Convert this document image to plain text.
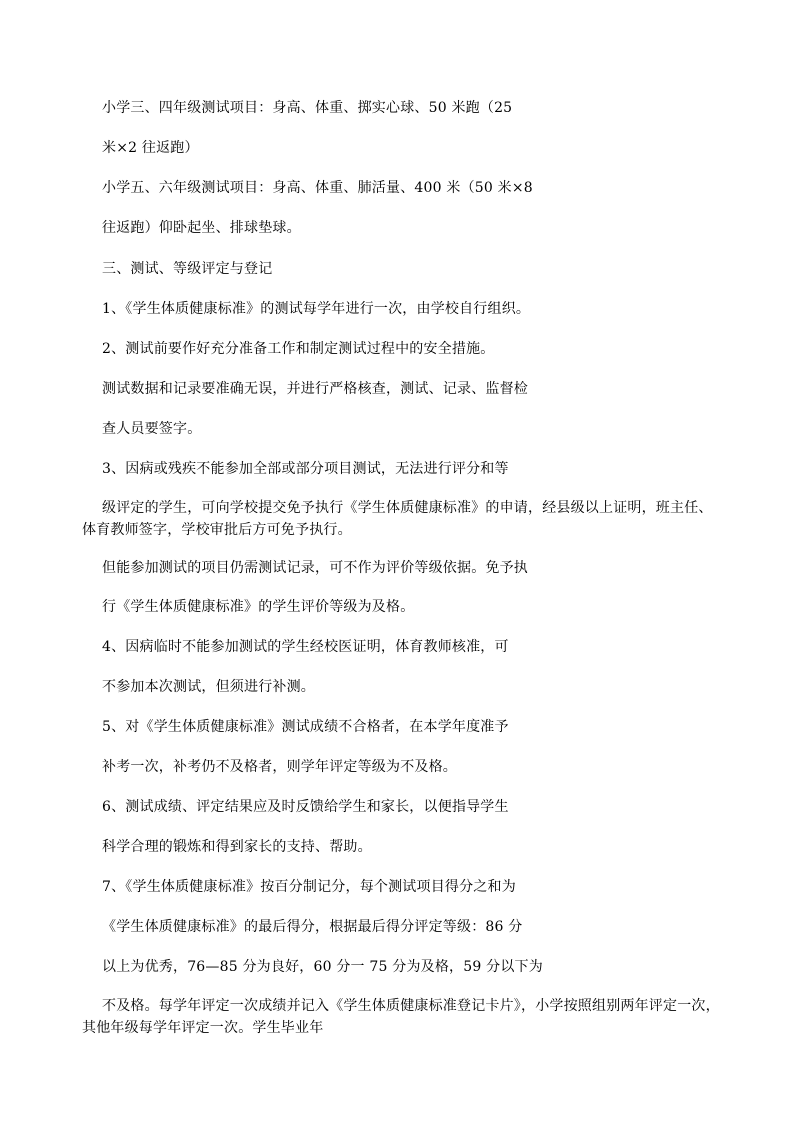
小学三、四年级测试项目：身高、体重、掷实心球、50 米跑（25
米×2 往返跑）
小学五、六年级测试项目：身高、体重、肺活量、400 米（50 米×8
往返跑）仰卧起坐、排球垫球。
三、测试、等级评定与登记
1、《学生体质健康标准》的测试每学年进行一次，由学校自行组织。
2、测试前要作好充分准备工作和制定测试过程中的安全措施。
测试数据和记录要准确无误，并进行严格核查，测试、记录、监督检
查人员要签字。
3、因病或残疾不能参加全部或部分项目测试，无法进行评分和等
级评定的学生，可向学校提交免予执行《学生体质健康标准》的申请，经县级以上证明，班主任、体育教师签字，学校审批后方可免予执行。
但能参加测试的项目仍需测试记录，可不作为评价等级依据。免予执
行《学生体质健康标准》的学生评价等级为及格。
4、因病临时不能参加测试的学生经校医证明，体育教师核准，可
不参加本次测试，但须进行补测。
5、对《学生体质健康标准》测试成绩不合格者，在本学年度准予
补考一次，补考仍不及格者，则学年评定等级为不及格。
6、测试成绩、评定结果应及时反馈给学生和家长，以便指导学生
科学合理的锻炼和得到家长的支持、帮助。
7、《学生体质健康标准》按百分制记分，每个测试项目得分之和为
《学生体质健康标准》的最后得分，根据最后得分评定等级：86 分
以上为优秀，76—85 分为良好，60 分一 75 分为及格，59 分以下为
不及格。每学年评定一次成绩并记入《学生体质健康标准登记卡片》，小学按照组别两年评定一次，其他年级每学年评定一次。学生毕业年
